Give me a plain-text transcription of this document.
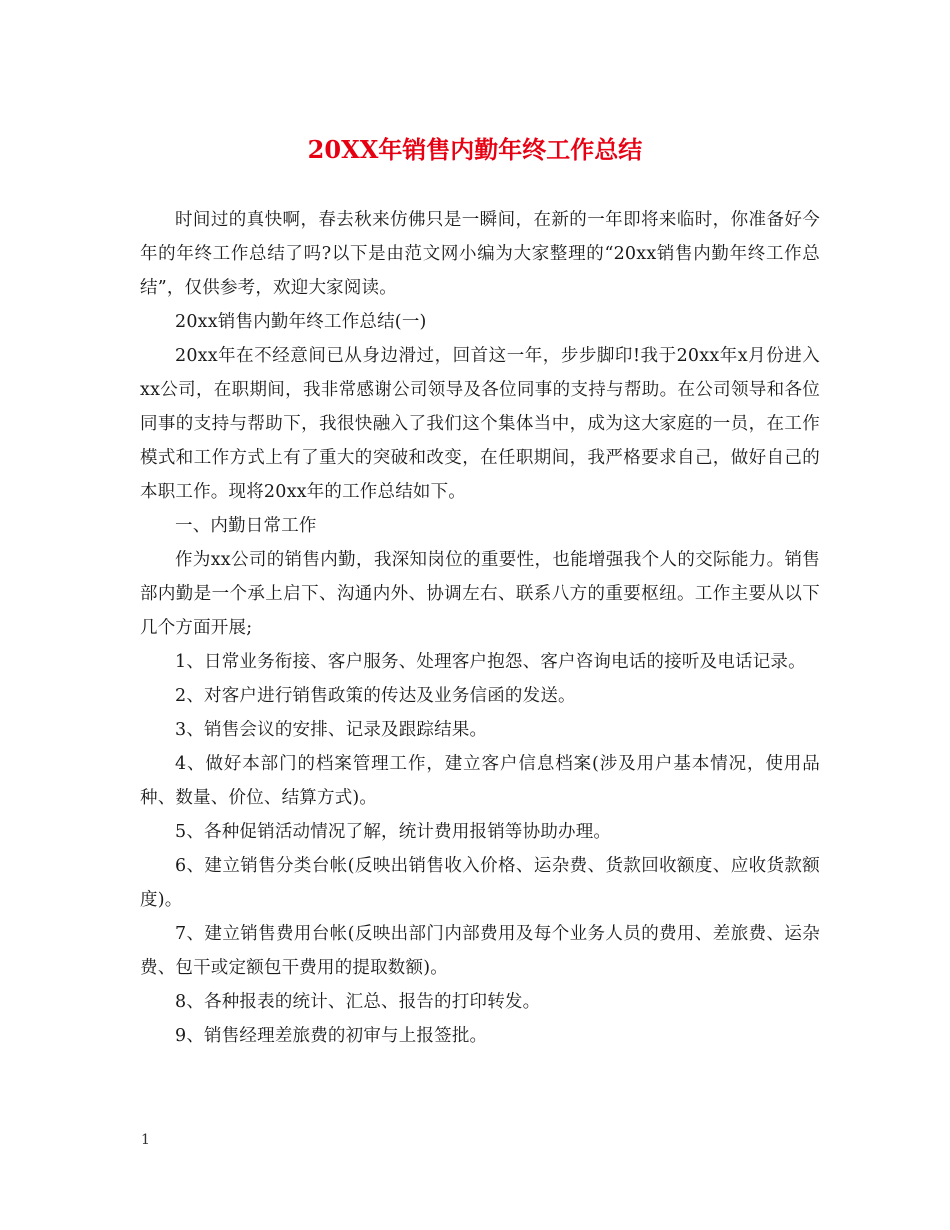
20XX年销售内勤年终工作总结

时间过的真快啊，春去秋来仿佛只是一瞬间，在新的一年即将来临时，你准备好今年的年终工作总结了吗?以下是由范文网小编为大家整理的“20xx销售内勤年终工作总结”，仅供参考，欢迎大家阅读。

20xx销售内勤年终工作总结(一)

20xx年在不经意间已从身边滑过，回首这一年，步步脚印!我于20xx年x月份进入xx公司，在职期间，我非常感谢公司领导及各位同事的支持与帮助。在公司领导和各位同事的支持与帮助下，我很快融入了我们这个集体当中，成为这大家庭的一员，在工作模式和工作方式上有了重大的突破和改变，在任职期间，我严格要求自己，做好自己的本职工作。现将20xx年的工作总结如下。

一、内勤日常工作

作为xx公司的销售内勤，我深知岗位的重要性，也能增强我个人的交际能力。销售部内勤是一个承上启下、沟通内外、协调左右、联系八方的重要枢纽。工作主要从以下几个方面开展;

1、日常业务衔接、客户服务、处理客户抱怨、客户咨询电话的接听及电话记录。

2、对客户进行销售政策的传达及业务信函的发送。

3、销售会议的安排、记录及跟踪结果。

4、做好本部门的档案管理工作，建立客户信息档案(涉及用户基本情况，使用品种、数量、价位、结算方式)。

5、各种促销活动情况了解，统计费用报销等协助办理。

6、建立销售分类台帐(反映出销售收入价格、运杂费、货款回收额度、应收货款额度)。

7、建立销售费用台帐(反映出部门内部费用及每个业务人员的费用、差旅费、运杂费、包干或定额包干费用的提取数额)。

8、各种报表的统计、汇总、报告的打印转发。

9、销售经理差旅费的初审与上报签批。

1
